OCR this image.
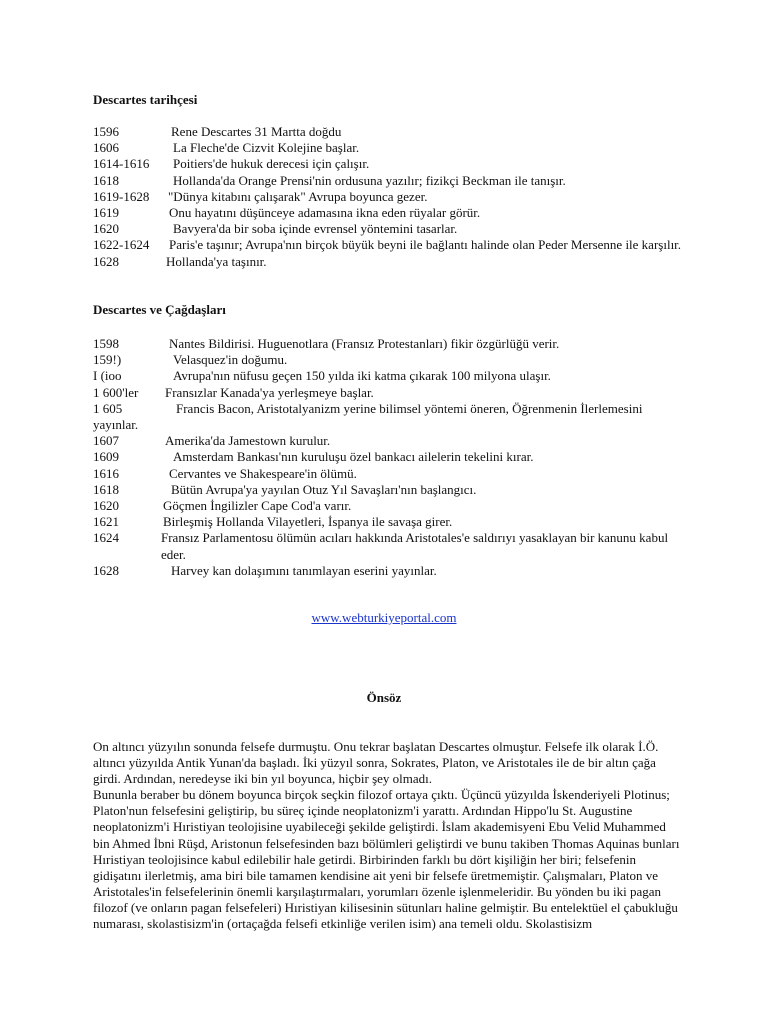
Descartes tarihçesi
1596	Rene Descartes 31 Martta doğdu
1606	La Fleche'de Cizvit Kolejine başlar.
1614-1616	Poitiers'de hukuk derecesi için çalışır.
1618	Hollanda'da Orange Prensi'nin ordusuna yazılır; fizikçi Beckman ile tanışır.
1619-1628	"Dünya kitabını çalışarak" Avrupa boyunca gezer.
1619	Onu hayatını düşünceye adamasına ikna eden rüyalar görür.
1620	Bavyera'da bir soba içinde evrensel yöntemini tasarlar.
1622-1624	Paris'e taşınır; Avrupa'nın birçok büyük beyni ile bağlantı halinde olan Peder Mersenne ile karşılır.
1628	Hollanda'ya taşınır.
Descartes ve Çağdaşları
1598	Nantes Bildirisi. Huguenotlara (Fransız Protestanları) fikir özgürlüğü verir.
159!)	Velasquez'in doğumu.
I (ioo	Avrupa'nın nüfusu geçen 150 yılda iki katma çıkarak 100 milyona ulaşır.
1 600'ler	Fransızlar Kanada'ya yerleşmeye başlar.
1 605	Francis Bacon, Aristotalyanizm yerine bilimsel yöntemi öneren, Öğrenmenin İlerlemesini yayınlar.
1607	Amerika'da Jamestown kurulur.
1609	Amsterdam Bankası'nın kuruluşu özel bankacı ailelerin tekelini kırar.
1616	Cervantes ve Shakespeare'in ölümü.
1618	Bütün Avrupa'ya yayılan Otuz Yıl Savaşları'nın başlangıcı.
1620	Göçmen İngilizler Cape Cod'a varır.
1621	Birleşmiş Hollanda Vilayetleri, İspanya ile savaşa girer.
1624	Fransız Parlamentosu ölümün acıları hakkında Aristotales'e saldırıyı yasaklayan bir kanunu kabul eder.
1628	Harvey kan dolaşımını tanımlayan eserini yayınlar.
www.webturkiyeportal.com
Önsöz

On altıncı yüzyılın sonunda felsefe durmuştu. Onu tekrar başlatan Descartes olmuştur. Felsefe ilk olarak İ.Ö. altıncı yüzyılda Antik Yunan'da başladı. İki yüzyıl sonra, Sokrates, Platon, ve Aristotales ile de bir altın çağa girdi. Ardından, neredeyse iki bin yıl boyunca, hiçbir şey olmadı.

Bununla beraber bu dönem boyunca birçok seçkin filozof ortaya çıktı. Üçüncü yüzyılda İskenderiyeli Plotinus; Platon'nun felsefesini geliştirip, bu süreç içinde neoplatonizm'i yarattı. Ardından Hippo'lu St. Augustine neoplatonizm'i Hıristiyan teolojisine uyabileceği şekilde geliştirdi. İslam akademisyeni Ebu Velid Muhammed bin Ahmed İbni Rüşd, Aristonun felsefesinden bazı bölümleri geliştirdi ve bunu takiben Thomas Aquinas bunları Hıristiyan teolojisince kabul edilebilir hale getirdi. Birbirinden farklı bu dört kişiliğin her biri; felsefenin gidişatını ilerletmiş, ama biri bile tamamen kendisine ait yeni bir felsefe üretmemiştir. Çalışmaları, Platon ve Aristotales'in felsefelerinin önemli karşılaştırmaları, yorumları özenle işlenmeleridir. Bu yönden bu iki pagan filozof (ve onların pagan felsefeleri) Hıristiyan kilisesinin sütunları haline gelmiştir. Bu entelektüel el çabukluğu numarası, skolastisizm'in (ortaçağda felsefi etkinliğe verilen isim) ana temeli oldu. Skolastisizm
